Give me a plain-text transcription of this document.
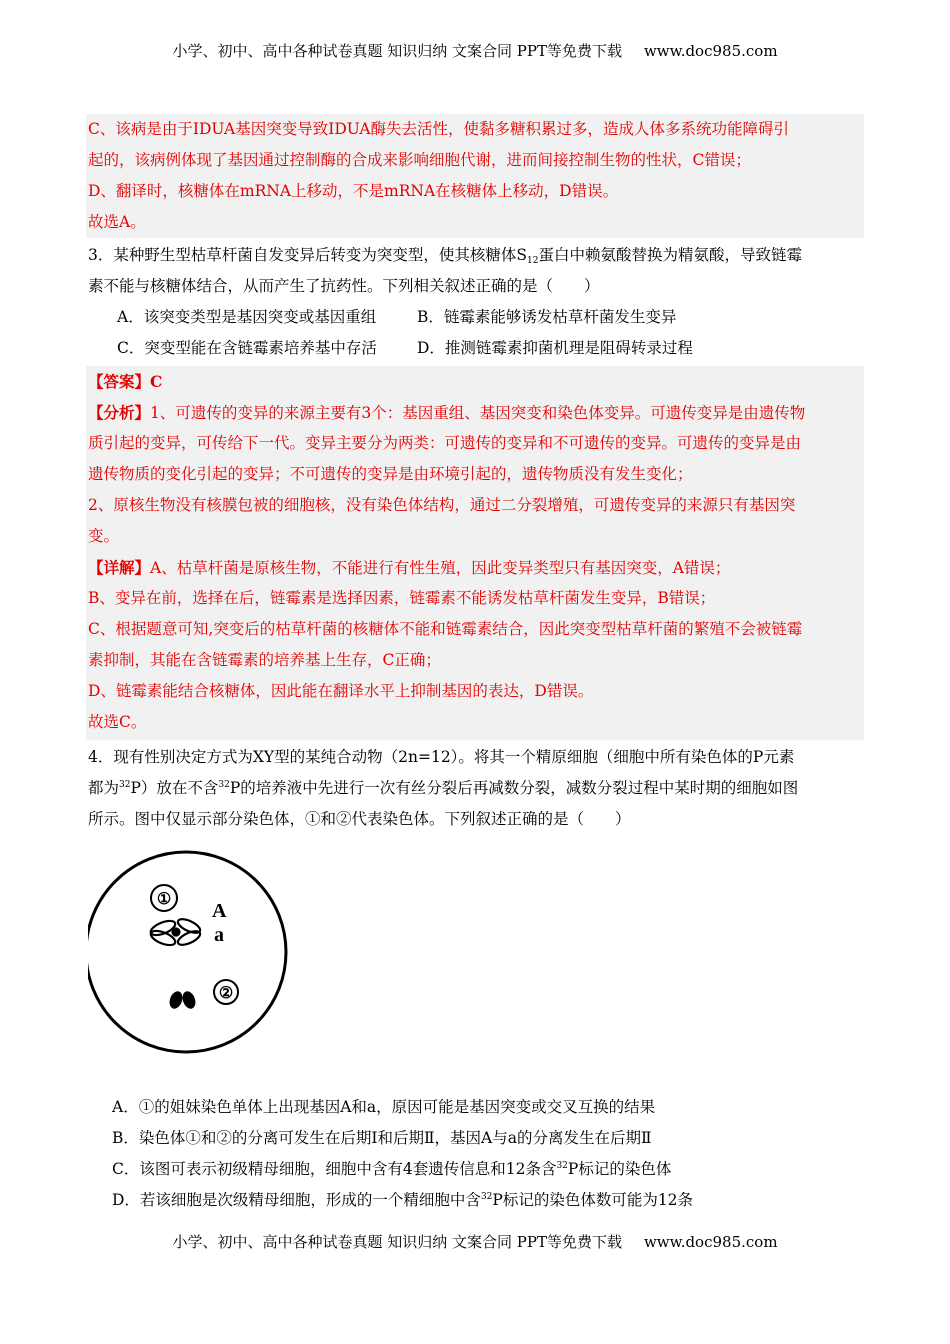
小学、初中、高中各种试卷真题 知识归纳 文案合同 PPT等免费下载 www.doc985.com
C、该病是由于IDUA基因突变导致IDUA酶失去活性，使黏多糖积累过多，造成人体多系统功能障碍引
起的，该病例体现了基因通过控制酶的合成来影响细胞代谢，进而间接控制生物的性状，C错误；
D、翻译时，核糖体在mRNA上移动，不是mRNA在核糖体上移动，D错误。
故选A。
3．某种野生型枯草杆菌自发变异后转变为突变型，使其核糖体$S_{12}$蛋白中赖氨酸替换为精氨酸，导致链霉
素不能与核糖体结合，从而产生了抗药性。下列相关叙述正确的是（　　）
A．该突变类型是基因突变或基因重组	B．链霉素能够诱发枯草杆菌发生变异
C．突变型能在含链霉素培养基中存活	D．推测链霉素抑菌机理是阻碍转录过程
【答案】C
【分析】1、可遗传的变异的来源主要有3个：基因重组、基因突变和染色体变异。可遗传变异是由遗传物
质引起的变异，可传给下一代。变异主要分为两类：可遗传的变异和不可遗传的变异。可遗传的变异是由
遗传物质的变化引起的变异；不可遗传的变异是由环境引起的，遗传物质没有发生变化；
2、原核生物没有核膜包被的细胞核，没有染色体结构，通过二分裂增殖，可遗传变异的来源只有基因突
变。
【详解】A、枯草杆菌是原核生物，不能进行有性生殖，因此变异类型只有基因突变，A错误；
B、变异在前，选择在后，链霉素是选择因素，链霉素不能诱发枯草杆菌发生变异，B错误；
C、根据题意可知,突变后的枯草杆菌的核糖体不能和链霉素结合，因此突变型枯草杆菌的繁殖不会被链霉
素抑制，其能在含链霉素的培养基上生存，C正确；
D、链霉素能结合核糖体，因此能在翻译水平上抑制基因的表达，D错误。
故选C。
4．现有性别决定方式为XY型的某纯合动物（2n=12）。将其一个精原细胞（细胞中所有染色体的P元素
都为$^{32}$P）放在不含$^{32}$P的培养液中先进行一次有丝分裂后再减数分裂，减数分裂过程中某时期的细胞如图
所示。图中仅显示部分染色体，①和②代表染色体。下列叙述正确的是（　　）
①
A
a
②
A．①的姐妹染色单体上出现基因A和a，原因可能是基因突变或交叉互换的结果
B．染色体①和②的分离可发生在后期Ⅰ和后期Ⅱ，基因A与a的分离发生在后期Ⅱ
C．该图可表示初级精母细胞，细胞中含有4套遗传信息和12条含$^{32}$P标记的染色体
D．若该细胞是次级精母细胞，形成的一个精细胞中含$^{32}$P标记的染色体数可能为12条
小学、初中、高中各种试卷真题 知识归纳 文案合同 PPT等免费下载 www.doc985.com
